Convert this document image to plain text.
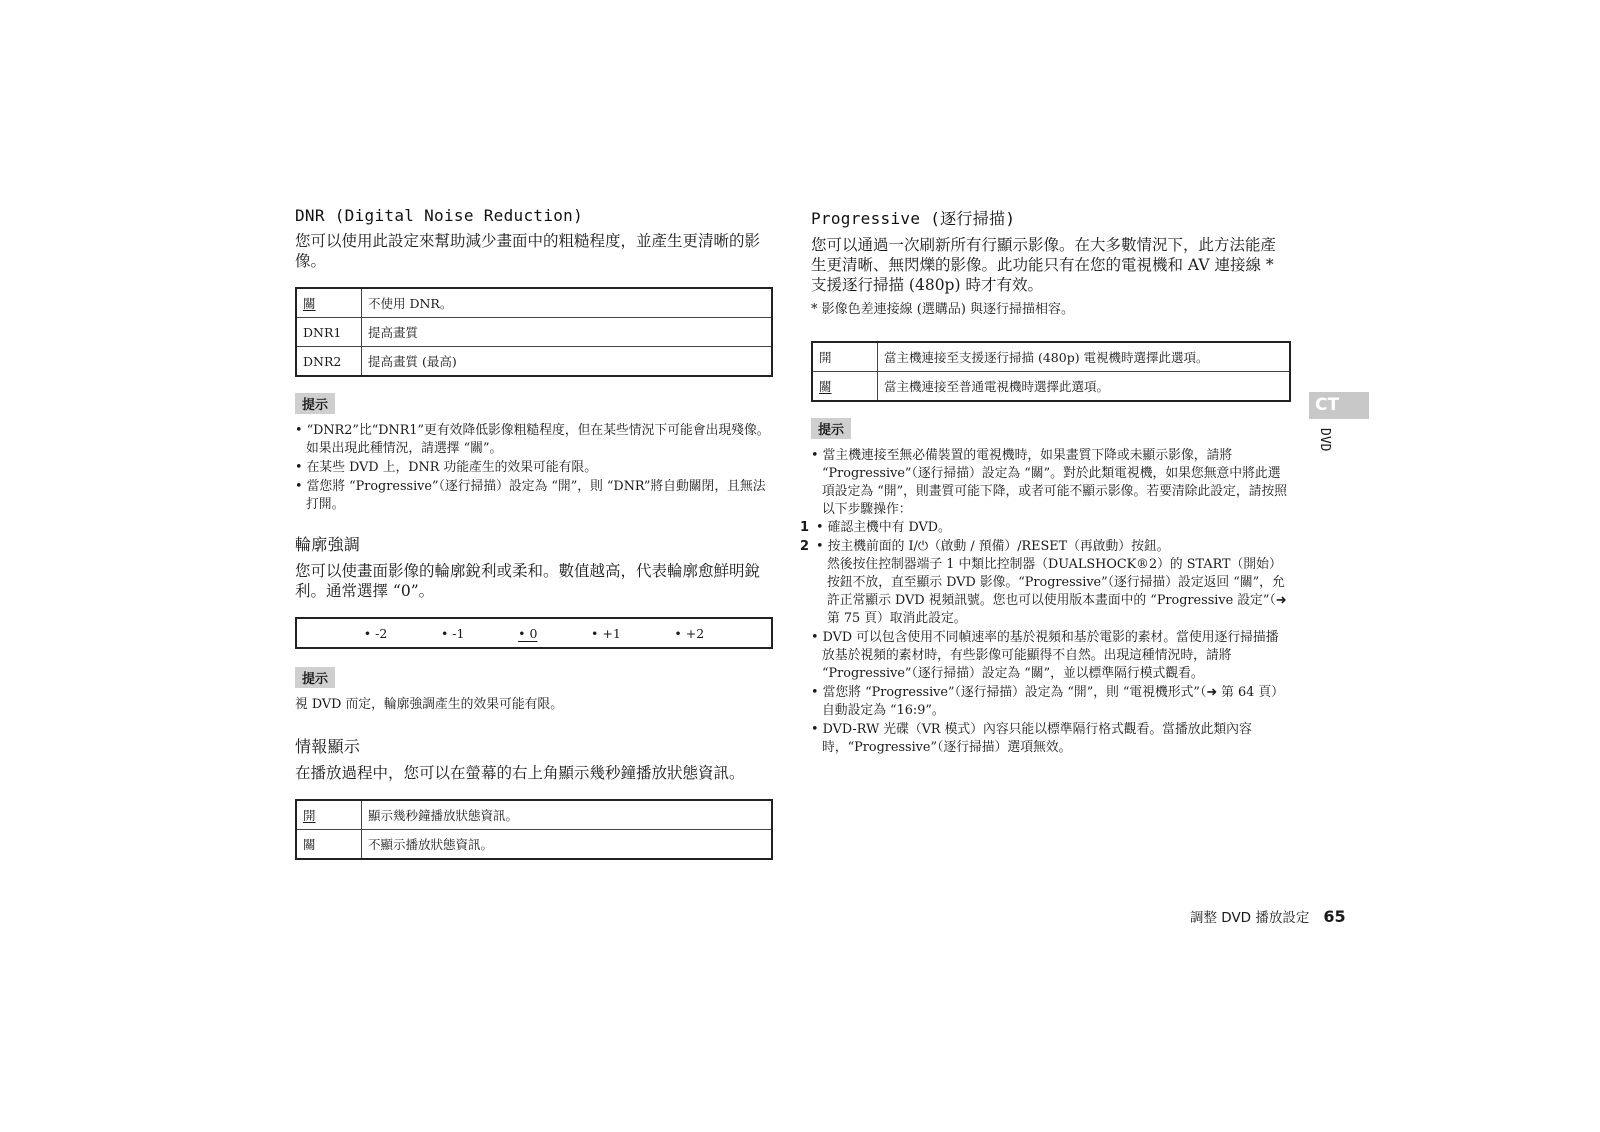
DNR (Digital Noise Reduction)

您可以使用此設定來幫助減少畫面中的粗糙程度，並產生更清晰的影像。

關	不使用 DNR。
DNR1	提高畫質
DNR2	提高畫質 (最高)
提示
• “DNR2”比“DNR1”更有效降低影像粗糙程度，但在某些情況下可能會出現殘像。如果出現此種情況，請選擇 “關”。
• 在某些 DVD 上，DNR 功能產生的效果可能有限。
• 當您將 “Progressive”（逐行掃描）設定為 “開”，則 “DNR”將自動關閉，且無法打開。
輪廓強調

您可以使畫面影像的輪廓銳利或柔和。數值越高，代表輪廓愈鮮明銳利。通常選擇 “0”。

• -2	• -1	• 0	• +1	• +2
提示

視 DVD 而定，輪廓強調產生的效果可能有限。

情報顯示

在播放過程中，您可以在螢幕的右上角顯示幾秒鐘播放狀態資訊。

開	顯示幾秒鐘播放狀態資訊。
關	不顯示播放狀態資訊。
Progressive (逐行掃描)

您可以通過一次刷新所有行顯示影像。在大多數情況下，此方法能產生更清晰、無閃爍的影像。此功能只有在您的電視機和 AV 連接線 * 支援逐行掃描 (480p) 時才有效。

* 影像色差連接線 (選購品) 與逐行掃描相容。

開	當主機連接至支援逐行掃描 (480p) 電視機時選擇此選項。
關	當主機連接至普通電視機時選擇此選項。
提示
• 當主機連接至無必備裝置的電視機時，如果畫質下降或未顯示影像，請將 “Progressive”（逐行掃描）設定為 “關”。對於此類電視機，如果您無意中將此選項設定為 “開”，則畫質可能下降，或者可能不顯示影像。若要清除此設定，請按照以下步驟操作：
• 1 確認主機中有 DVD。
• 2 按主機前面的 I/⏻（啟動 / 預備）/RESET（再啟動）按鈕。
然後按住控制器端子 1 中類比控制器（DUALSHOCK®2）的 START（開始）按鈕不放，直至顯示 DVD 影像。“Progressive”（逐行掃描）設定返回 “關”，允許正常顯示 DVD 視頻訊號。您也可以使用版本畫面中的 “Progressive 設定”（➜ 第 75 頁）取消此設定。
• DVD 可以包含使用不同幀速率的基於視頻和基於電影的素材。當使用逐行掃描播放基於視頻的素材時，有些影像可能顯得不自然。出現這種情況時，請將 “Progressive”（逐行掃描）設定為 “關”，並以標準隔行模式觀看。
• 當您將 “Progressive”（逐行掃描）設定為 “開”，則 “電視機形式”（➜ 第 64 頁）自動設定為 “16:9”。
• DVD-RW 光碟（VR 模式）內容只能以標準隔行格式觀看。當播放此類內容時，“Progressive”（逐行掃描）選項無效。
CT
DVD
調整 DVD 播放設定 65
